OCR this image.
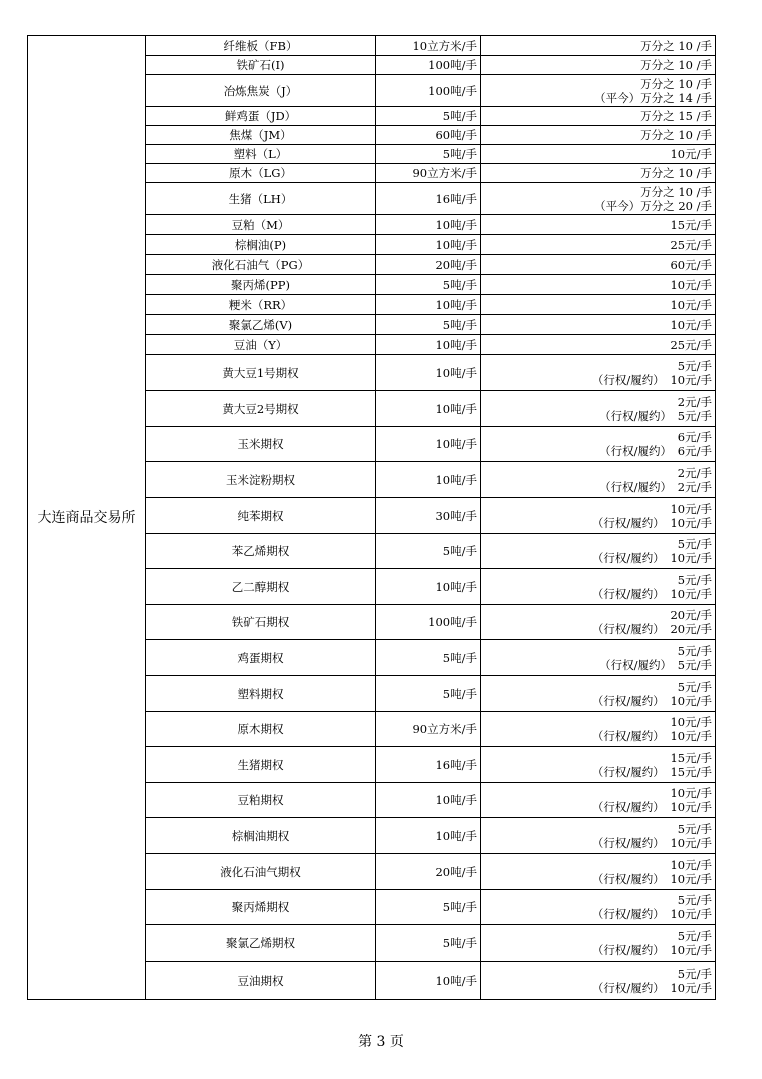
大连商品交易所	纤维板（FB）	10立方米/手	万分之 10 /手

	铁矿石(I)	100吨/手	万分之 10 /手

	冶炼焦炭（J）	100吨/手	万分之 10 /手
（平今）万分之 14 /手

	鲜鸡蛋（JD）	5吨/手	万分之 15 /手

	焦煤（JM）	60吨/手	万分之 10 /手

	塑料（L）	5吨/手	10元/手

	原木（LG）	90立方米/手	万分之 10 /手

	生猪（LH）	16吨/手	万分之 10 /手
（平今）万分之 20 /手

	豆粕（M）	10吨/手	15元/手

	棕榈油(P)	10吨/手	25元/手

	液化石油气（PG）	20吨/手	60元/手

	聚丙烯(PP)	5吨/手	10元/手

	粳米（RR）	10吨/手	10元/手

	聚氯乙烯(V)	5吨/手	10元/手

	豆油（Y）	10吨/手	25元/手

	黄大豆1号期权	10吨/手	5元/手
（行权/履约）　10元/手

	黄大豆2号期权	10吨/手	2元/手
（行权/履约）　5元/手

	玉米期权	10吨/手	6元/手
（行权/履约）　6元/手

	玉米淀粉期权	10吨/手	2元/手
（行权/履约）　2元/手

	纯苯期权	30吨/手	10元/手
（行权/履约）　10元/手

	苯乙烯期权	5吨/手	5元/手
（行权/履约）　10元/手

	乙二醇期权	10吨/手	5元/手
（行权/履约）　10元/手

	铁矿石期权	100吨/手	20元/手
（行权/履约）　20元/手

	鸡蛋期权	5吨/手	5元/手
（行权/履约）　5元/手

	塑料期权	5吨/手	5元/手
（行权/履约）　10元/手

	原木期权	90立方米/手	10元/手
（行权/履约）　10元/手

	生猪期权	16吨/手	15元/手
（行权/履约）　15元/手

	豆粕期权	10吨/手	10元/手
（行权/履约）　10元/手

	棕榈油期权	10吨/手	5元/手
（行权/履约）　10元/手

	液化石油气期权	20吨/手	10元/手
（行权/履约）　10元/手

	聚丙烯期权	5吨/手	5元/手
（行权/履约）　10元/手

	聚氯乙烯期权	5吨/手	5元/手
（行权/履约）　10元/手

	豆油期权	10吨/手	5元/手
（行权/履约）　10元/手
第 3 页
